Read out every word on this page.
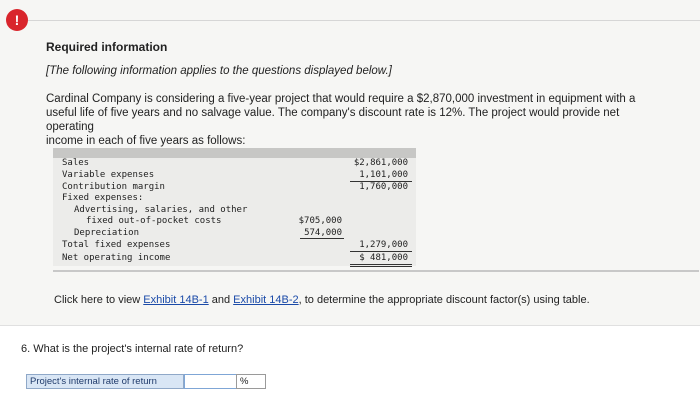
!
Required information
[The following information applies to the questions displayed below.]
Cardinal Company is considering a five-year project that would require a $2,870,000 investment in equipment with a
useful life of five years and no salvage value. The company's discount rate is 12%. The project would provide net operating
income in each of five years as follows:
Sales	$2,861,000
Variable expenses	1,101,000
Contribution margin	1,760,000
Fixed expenses:
Advertising, salaries, and other
fixed out-of-pocket costs	$705,000
Depreciation	574,000
Total fixed expenses	1,279,000
Net operating income	$ 481,000
Click here to view Exhibit 14B-1 and Exhibit 14B-2, to determine the appropriate discount factor(s) using table.
6. What is the project's internal rate of return?
Project's internal rate of return	%
